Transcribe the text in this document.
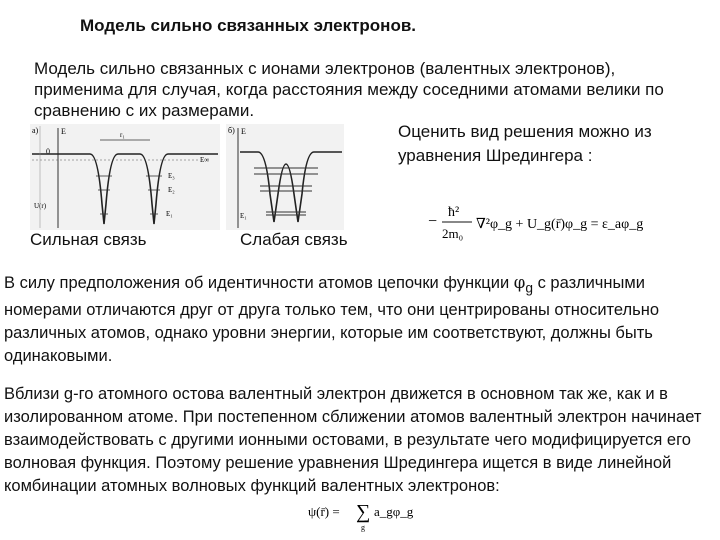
Модель сильно связанных электронов.
Модель сильно связанных с ионами электронов (валентных электронов), применима для случая, когда расстояния между соседними атомами велики по сравнению с их размерами.
Оценить вид решения можно из уравнения Шредингера :
а)	E
0
r₁
E∞
E₃
E₂
E₁
U(r)
б) E
E₁
Сильная связь	Слабая связь
−
ħ²
2m₀
∇²φ_g + U_g(r̄)φ_g = ε_aφ_g
В силу предположения об идентичности атомов цепочки функции $\varphi_g$ с различными номерами отличаются друг от друга только тем, что они центрированы относительно различных атомов, однако уровни энергии, которые им соответствуют, должны быть одинаковыми.
Вблизи g-го атомного остова валентный электрон движется в основном так же, как и в изолированном атоме. При постепенном сближении атомов валентный электрон начинает взаимодействовать с другими ионными остовами, в результате чего модифицируется его волновая функция. Поэтому решение уравнения Шредингера ищется в виде линейной комбинации атомных волновых функций валентных электронов:
ψ(r̄) = ∑
g
a_gφ_g
